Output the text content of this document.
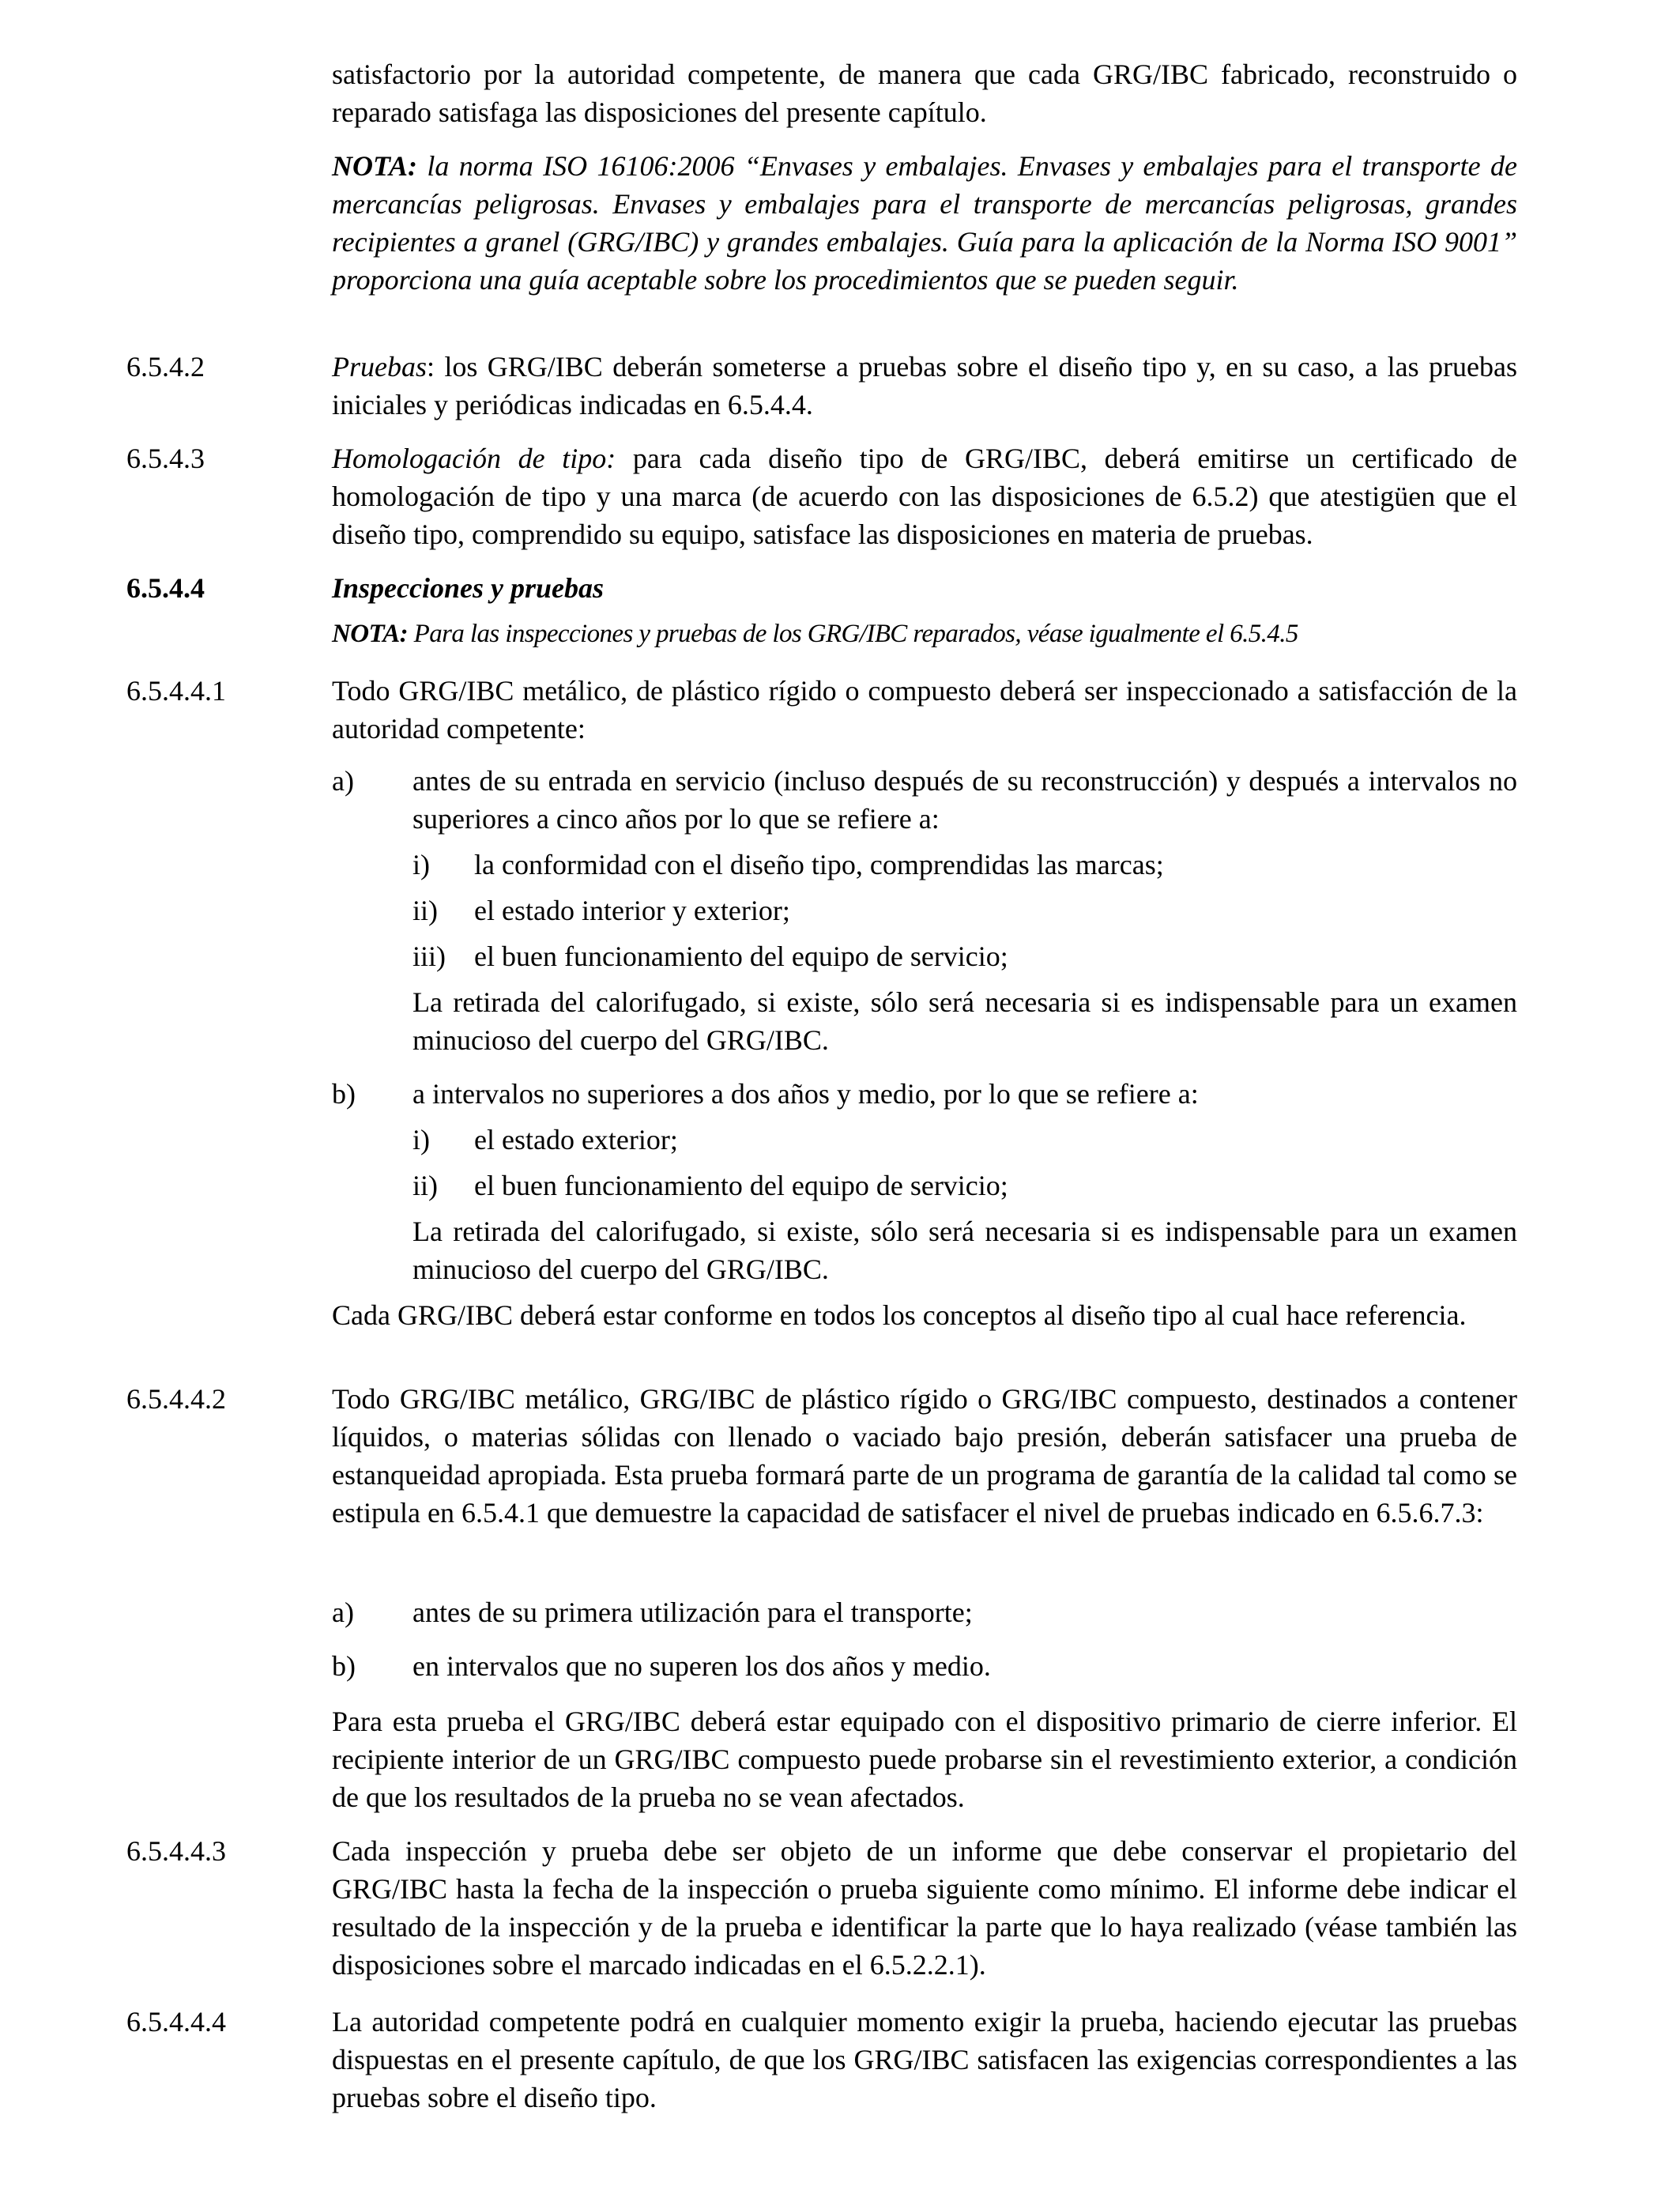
satisfactorio por la autoridad competente, de manera que cada GRG/IBC fabricado, reconstruido o reparado satisfaga las disposiciones del presente capítulo.

NOTA: la norma ISO 16106:2006 “Envases y embalajes. Envases y embalajes para el transporte de mercancías peligrosas. Envases y embalajes para el transporte de mercancías peligrosas, grandes recipientes a granel (GRG/IBC) y grandes embalajes. Guía para la aplicación de la Norma ISO 9001” proporciona una guía aceptable sobre los procedimientos que se pueden seguir.

6.5.4.2	Pruebas: los GRG/IBC deberán someterse a pruebas sobre el diseño tipo y, en su caso, a las pruebas iniciales y periódicas indicadas en 6.5.4.4.

6.5.4.3	Homologación de tipo: para cada diseño tipo de GRG/IBC, deberá emitirse un certificado de homologación de tipo y una marca (de acuerdo con las disposiciones de 6.5.2) que atestigüen que el diseño tipo, comprendido su equipo, satisface las disposiciones en materia de pruebas.

6.5.4.4	Inspecciones y pruebas

NOTA: Para las inspecciones y pruebas de los GRG/IBC reparados, véase igualmente el 6.5.4.5

6.5.4.4.1	Todo GRG/IBC metálico, de plástico rígido o compuesto deberá ser inspeccionado a satisfacción de la autoridad competente:

a)	antes de su entrada en servicio (incluso después de su reconstrucción) y después a intervalos no superiores a cinco años por lo que se refiere a:

i)	la conformidad con el diseño tipo, comprendidas las marcas;
ii)	el estado interior y exterior;
iii)	el buen funcionamiento del equipo de servicio;

La retirada del calorifugado, si existe, sólo será necesaria si es indispensable para un examen minucioso del cuerpo del GRG/IBC.

b)	a intervalos no superiores a dos años y medio, por lo que se refiere a:

i)	el estado exterior;
ii)	el buen funcionamiento del equipo de servicio;

La retirada del calorifugado, si existe, sólo será necesaria si es indispensable para un examen minucioso del cuerpo del GRG/IBC.

Cada GRG/IBC deberá estar conforme en todos los conceptos al diseño tipo al cual hace referencia.

6.5.4.4.2	Todo GRG/IBC metálico, GRG/IBC de plástico rígido o GRG/IBC compuesto, destinados a contener líquidos, o materias sólidas con llenado o vaciado bajo presión, deberán satisfacer una prueba de estanqueidad apropiada. Esta prueba formará parte de un programa de garantía de la calidad tal como se estipula en 6.5.4.1 que demuestre la capacidad de satisfacer el nivel de pruebas indicado en 6.5.6.7.3:

a)	antes de su primera utilización para el transporte;

b)	en intervalos que no superen los dos años y medio.

Para esta prueba el GRG/IBC deberá estar equipado con el dispositivo primario de cierre inferior. El recipiente interior de un GRG/IBC compuesto puede probarse sin el revestimiento exterior, a condición de que los resultados de la prueba no se vean afectados.

6.5.4.4.3	Cada inspección y prueba debe ser objeto de un informe que debe conservar el propietario del GRG/IBC hasta la fecha de la inspección o prueba siguiente como mínimo. El informe debe indicar el resultado de la inspección y de la prueba e identificar la parte que lo haya realizado (véase también las disposiciones sobre el marcado indicadas en el 6.5.2.2.1).

6.5.4.4.4	La autoridad competente podrá en cualquier momento exigir la prueba, haciendo ejecutar las pruebas dispuestas en el presente capítulo, de que los GRG/IBC satisfacen las exigencias correspondientes a las pruebas sobre el diseño tipo.
